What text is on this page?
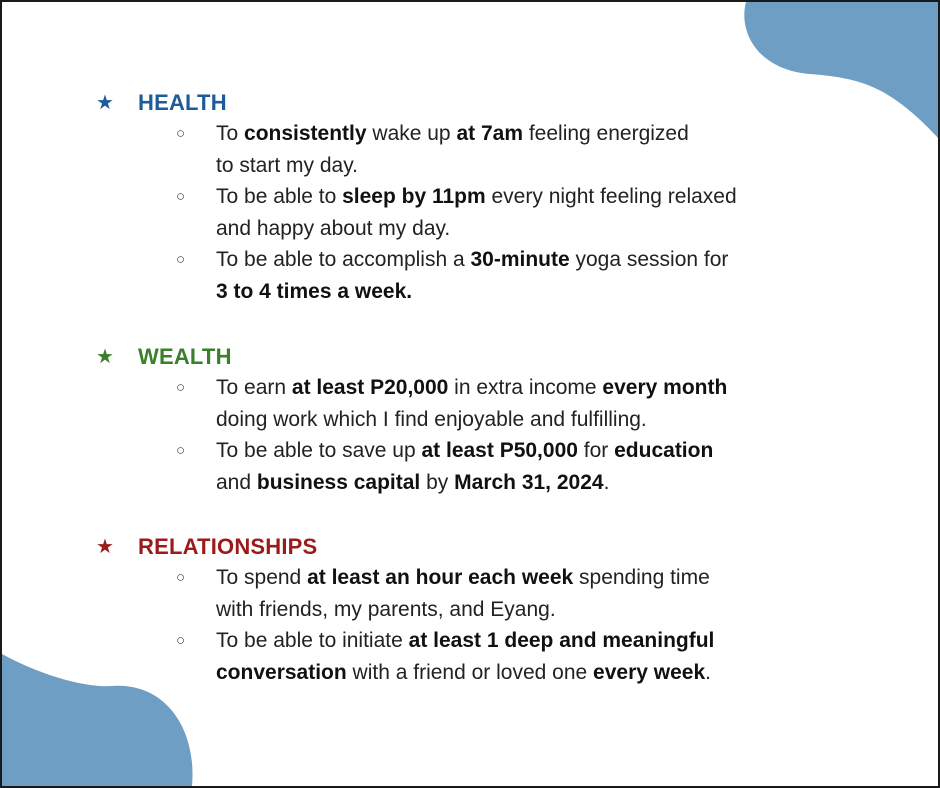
★	HEALTH
○ To consistently wake up at 7am feeling energized
to start my day.
○ To be able to sleep by 11pm every night feeling relaxed
and happy about my day.
○ To be able to accomplish a 30-minute yoga session for
3 to 4 times a week.
★	WEALTH
○ To earn at least P20,000 in extra income every month
doing work which I find enjoyable and fulfilling.
○ To be able to save up at least P50,000 for education
and business capital by March 31, 2024.
★	RELATIONSHIPS
○ To spend at least an hour each week spending time
with friends, my parents, and Eyang.
○ To be able to initiate at least 1 deep and meaningful
conversation with a friend or loved one every week.
